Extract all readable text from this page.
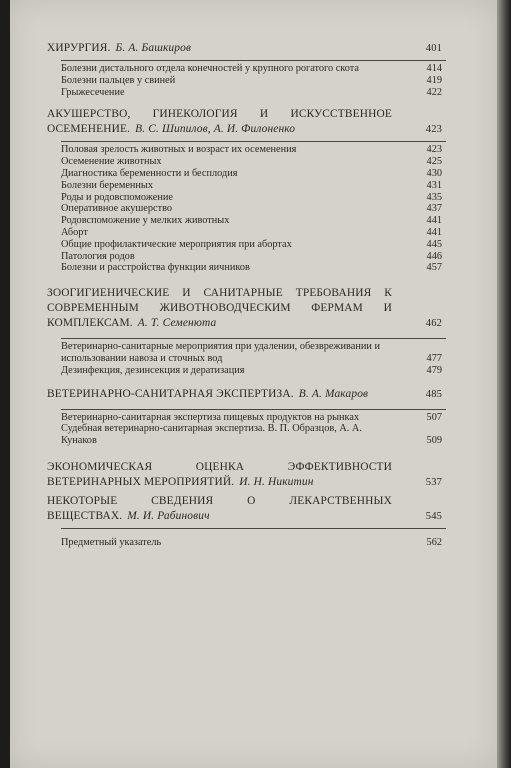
ХИРУРГИЯ. Б. А. Башкиров	401
Болезни дистального отдела конечностей у крупного рогатого скота	414
Болезни пальцев у свиней	419
Грыжесечение	422
АКУШЕРСТВО, ГИНЕКОЛОГИЯ И ИСКУССТВЕННОЕ ОСЕМЕНЕНИЕ. В. С. Шипилов, А. И. Филоненко	423
Половая зрелость животных и возраст их осеменения	423
Осеменение животных	425
Диагностика беременности и бесплодия	430
Болезни беременных	431
Роды и родовспоможение	435
Оперативное акушерство	437
Родовспоможение у мелких животных	441
Аборт	441
Общие профилактические мероприятия при абортах	445
Патология родов	446
Болезни и расстройства функции яичников	457
ЗООГИГИЕНИЧЕСКИЕ И САНИТАРНЫЕ ТРЕБОВАНИЯ К СОВРЕМЕННЫМ ЖИВОТНОВОДЧЕСКИМ ФЕРМАМ И КОМПЛЕКСАМ. А. Т. Семенюта	462
Ветеринарно-санитарные мероприятия при удалении, обезвреживании и использовании навоза и сточных вод	477
Дезинфекция, дезинсекция и дератизация	479
ВЕТЕРИНАРНО-САНИТАРНАЯ ЭКСПЕРТИЗА. В. А. Макаров	485
Ветеринарно-санитарная экспертиза пищевых продуктов на рынках	507
Судебная ветеринарно-санитарная экспертиза. В. П. Образцов, А. А. Кунаков	509
ЭКОНОМИЧЕСКАЯ ОЦЕНКА ЭФФЕКТИВНОСТИ ВЕТЕРИНАРНЫХ МЕРОПРИЯТИЙ. И. Н. Никитин	537
НЕКОТОРЫЕ СВЕДЕНИЯ О ЛЕКАРСТВЕННЫХ ВЕЩЕСТВАХ. М. И. Рабинович	545
Предметный указатель	562
